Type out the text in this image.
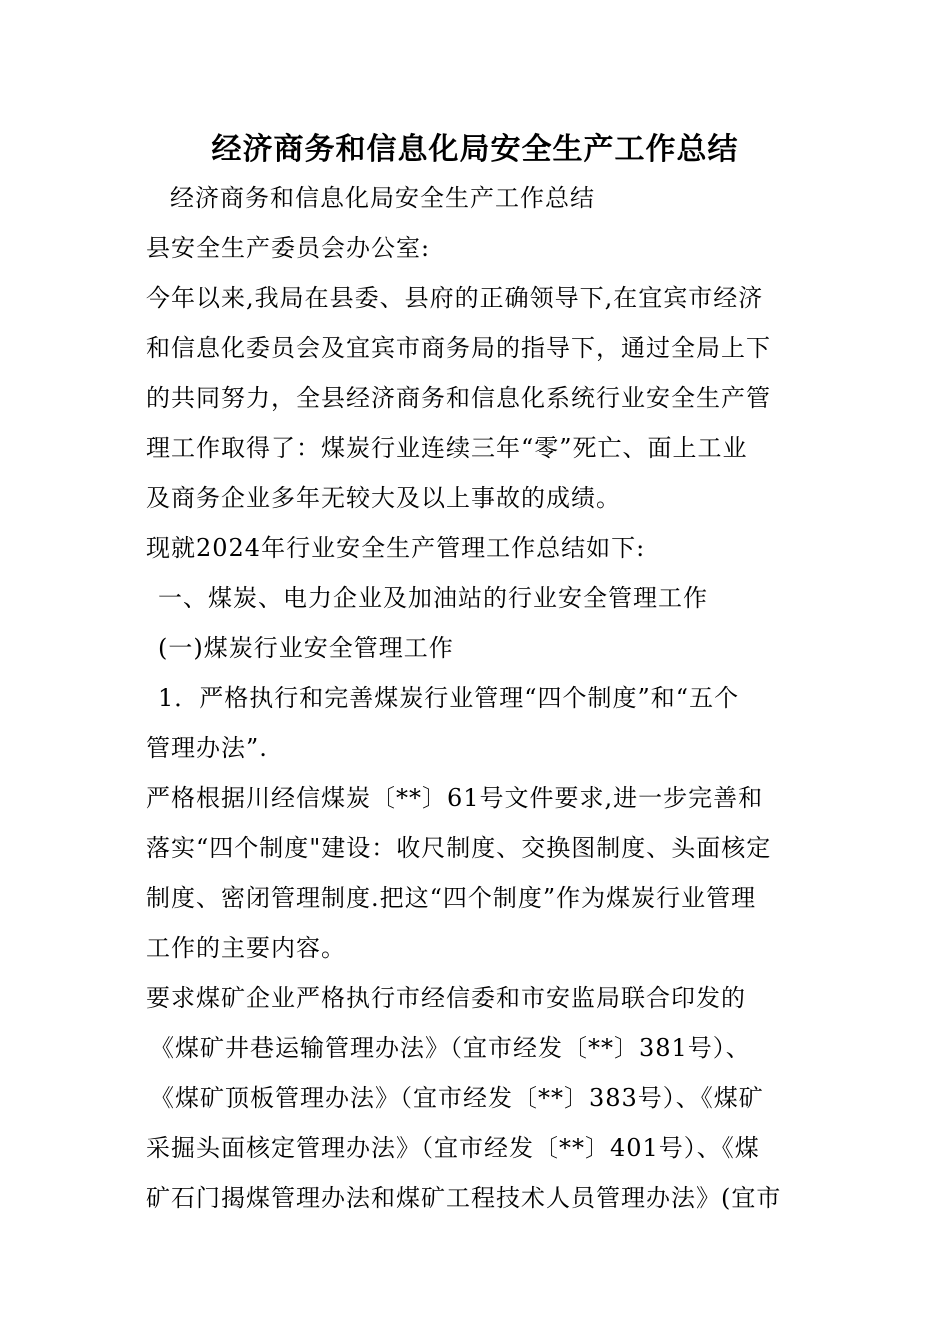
经济商务和信息化局安全生产工作总结
经济商务和信息化局安全生产工作总结
县安全生产委员会办公室:
今年以来,我局在县委、县府的正确领导下,在宜宾市经济
和信息化委员会及宜宾市商务局的指导下，通过全局上下
的共同努力，全县经济商务和信息化系统行业安全生产管
理工作取得了：煤炭行业连续三年“零”死亡、面上工业
及商务企业多年无较大及以上事故的成绩。
现就2024年行业安全生产管理工作总结如下:
一、煤炭、电力企业及加油站的行业安全管理工作
(一)煤炭行业安全管理工作
1．严格执行和完善煤炭行业管理“四个制度”和“五个
管理办法”.
严格根据川经信煤炭〔**〕61号文件要求,进一步完善和
落实“四个制度"建设：收尺制度、交换图制度、头面核定
制度、密闭管理制度.把这“四个制度”作为煤炭行业管理
工作的主要内容。
要求煤矿企业严格执行市经信委和市安监局联合印发的
《煤矿井巷运输管理办法》（宜市经发〔**〕381号）、
《煤矿顶板管理办法》（宜市经发〔**〕383号）、《煤矿
采掘头面核定管理办法》（宜市经发〔**〕401号）、《煤
矿石门揭煤管理办法和煤矿工程技术人员管理办法》(宜市
